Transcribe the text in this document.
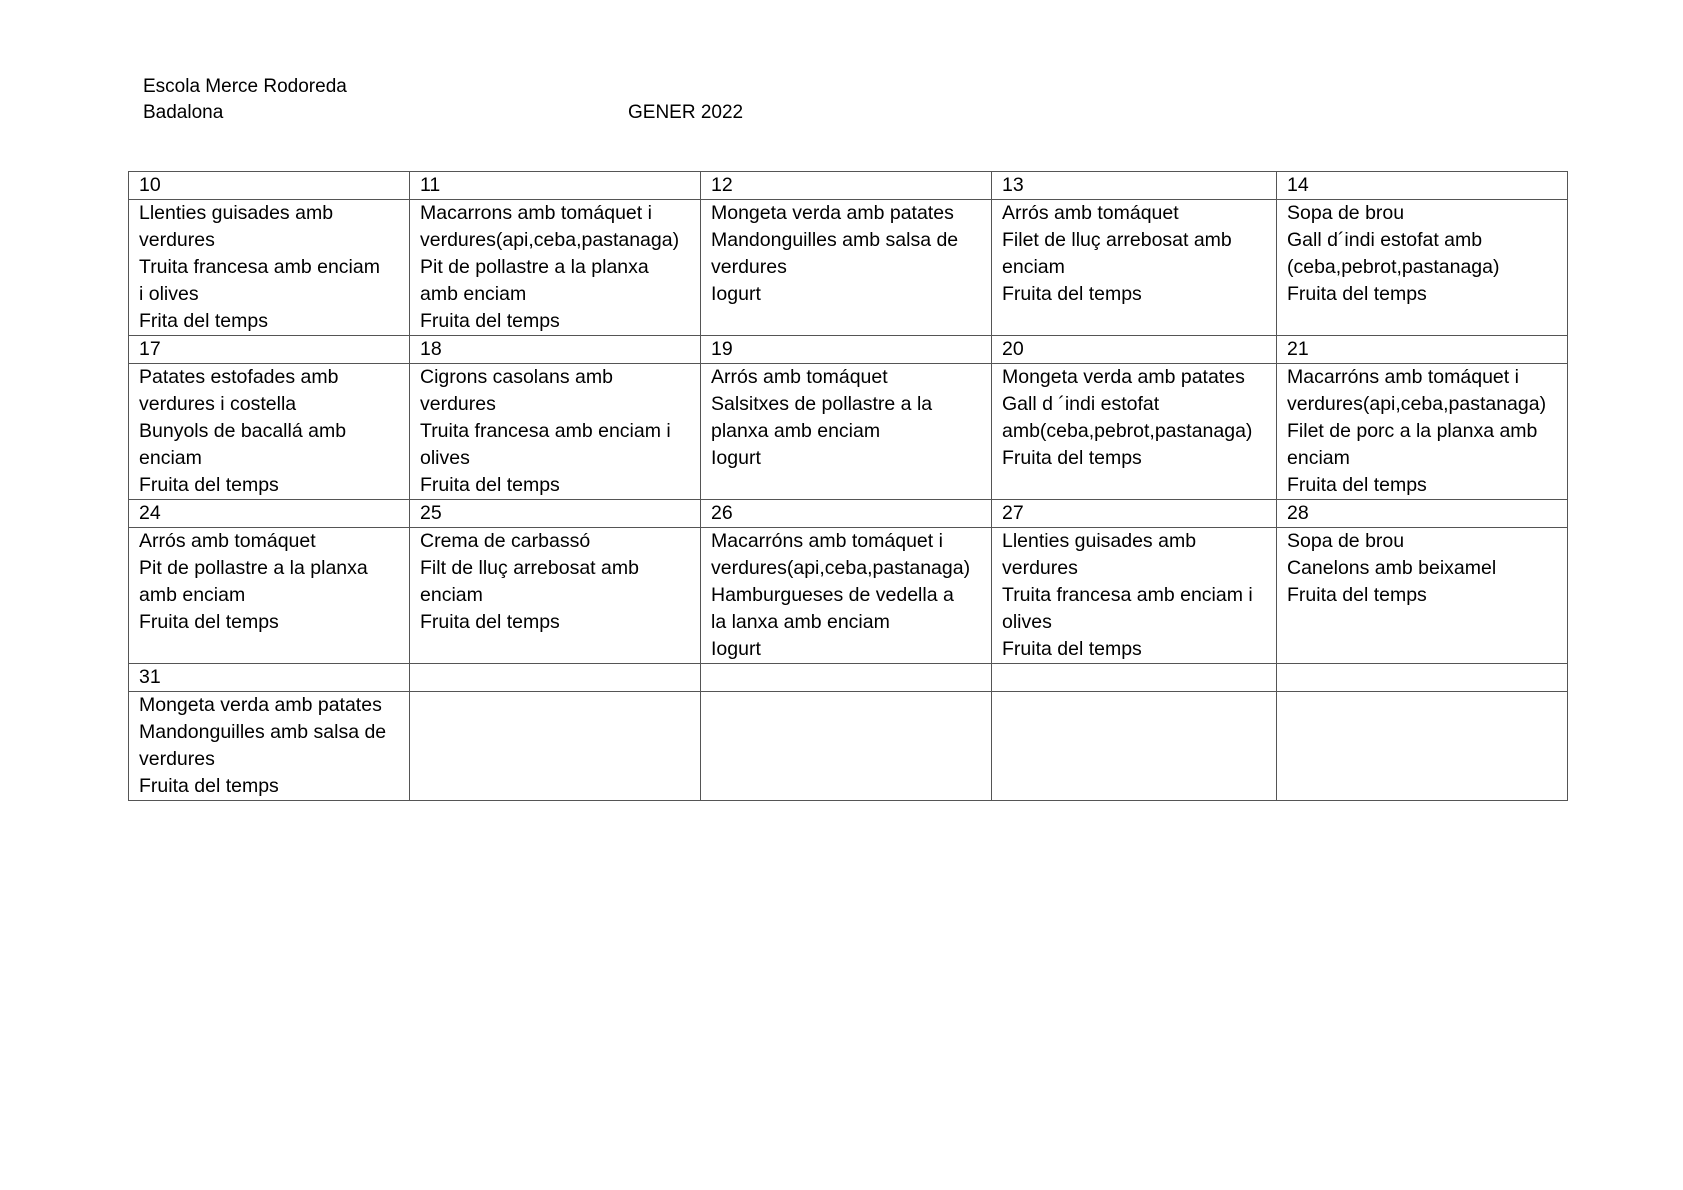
Escola Merce Rodoreda
Badalona	GENER 2022
10	11	12	13	14
Llenties guisades amb
verdures
Truita francesa amb enciam
i olives
Frita del temps	Macarrons amb tomáquet i
verdures(api,ceba,pastanaga)
Pit de pollastre a la planxa
amb enciam
Fruita del temps	Mongeta verda amb patates
Mandonguilles amb salsa de
verdures
Iogurt	Arrós amb tomáquet
Filet de lluç arrebosat amb
enciam
Fruita del temps	Sopa de brou
Gall d´indi estofat amb
(ceba,pebrot,pastanaga)
Fruita del temps
17	18	19	20	21
Patates estofades amb
verdures i costella
Bunyols de bacallá amb
enciam
Fruita del temps	Cigrons casolans amb
verdures
Truita francesa amb enciam i
olives
Fruita del temps	Arrós amb tomáquet
Salsitxes de pollastre a la
planxa amb enciam
Iogurt	Mongeta verda amb patates
Gall d ´indi estofat
amb(ceba,pebrot,pastanaga)
Fruita del temps	Macarróns amb tomáquet i
verdures(api,ceba,pastanaga)
Filet de porc a la planxa amb
enciam
Fruita del temps
24	25	26	27	28
Arrós amb tomáquet
Pit de pollastre a la planxa
amb enciam
Fruita del temps	Crema de carbassó
Filt de lluç arrebosat amb
enciam
Fruita del temps	Macarróns amb tomáquet i
verdures(api,ceba,pastanaga)
Hamburgueses de vedella a
la lanxa amb enciam
Iogurt	Llenties guisades amb
verdures
Truita francesa amb enciam i
olives
Fruita del temps	Sopa de brou
Canelons amb beixamel
Fruita del temps
31				
Mongeta verda amb patates
Mandonguilles amb salsa de
verdures
Fruita del temps				
